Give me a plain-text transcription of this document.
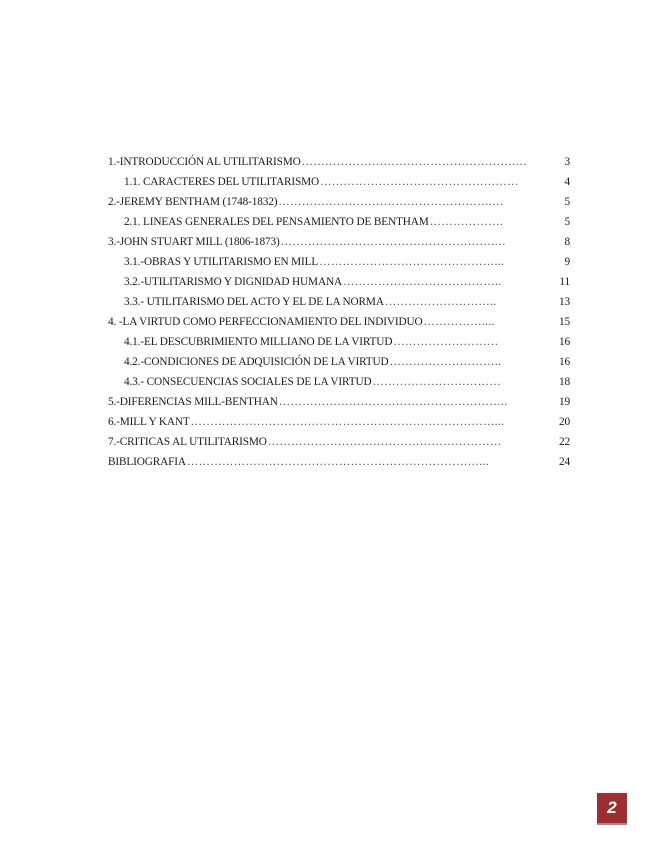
1.-INTRODUCCIÓN AL UTILITARISMO ……………………………………………….…	3
1.1. CARACTERES DEL UTILITARISMO ……………………………………………	4
2.-JEREMY BENTHAM (1748-1832) ……………………………………………….…	5
2.1. LINEAS GENERALES DEL PENSAMIENTO DE BENTHAM ……………….	5
3.-JOHN STUART MILL (1806-1873) ……………………………………………….…	8
3.1.-OBRAS Y UTILITARISMO EN MILL ………………………………………...	9
3.2.-UTILITARISMO Y DIGNIDAD HUMANA …………………………………..	11
3.3.- UTILITARISMO DEL ACTO Y EL DE LA NORMA ………………………..	13
4. -LA VIRTUD COMO PERFECCIONAMIENTO DEL INDIVIDUO ……………....	15
4.1.-EL DESCUBRIMIENTO MILLIANO DE LA VIRTUD ………………………	16
4.2.-CONDICIONES DE ADQUISICIÓN DE LA VIRTUD ………………………..	16
4.3.- CONSECUENCIAS SOCIALES DE LA VIRTUD ……………………………	18
5.-DIFERENCIAS MILL-BENTHAN …………………………………………………..	19
6.-MILL Y KANT ……………………………………………………………………...	20
7.-CRITICAS AL UTILITARISMO ……………………………………………………	22
BIBLIOGRAFIA …………………………………………………………………...	24
2
